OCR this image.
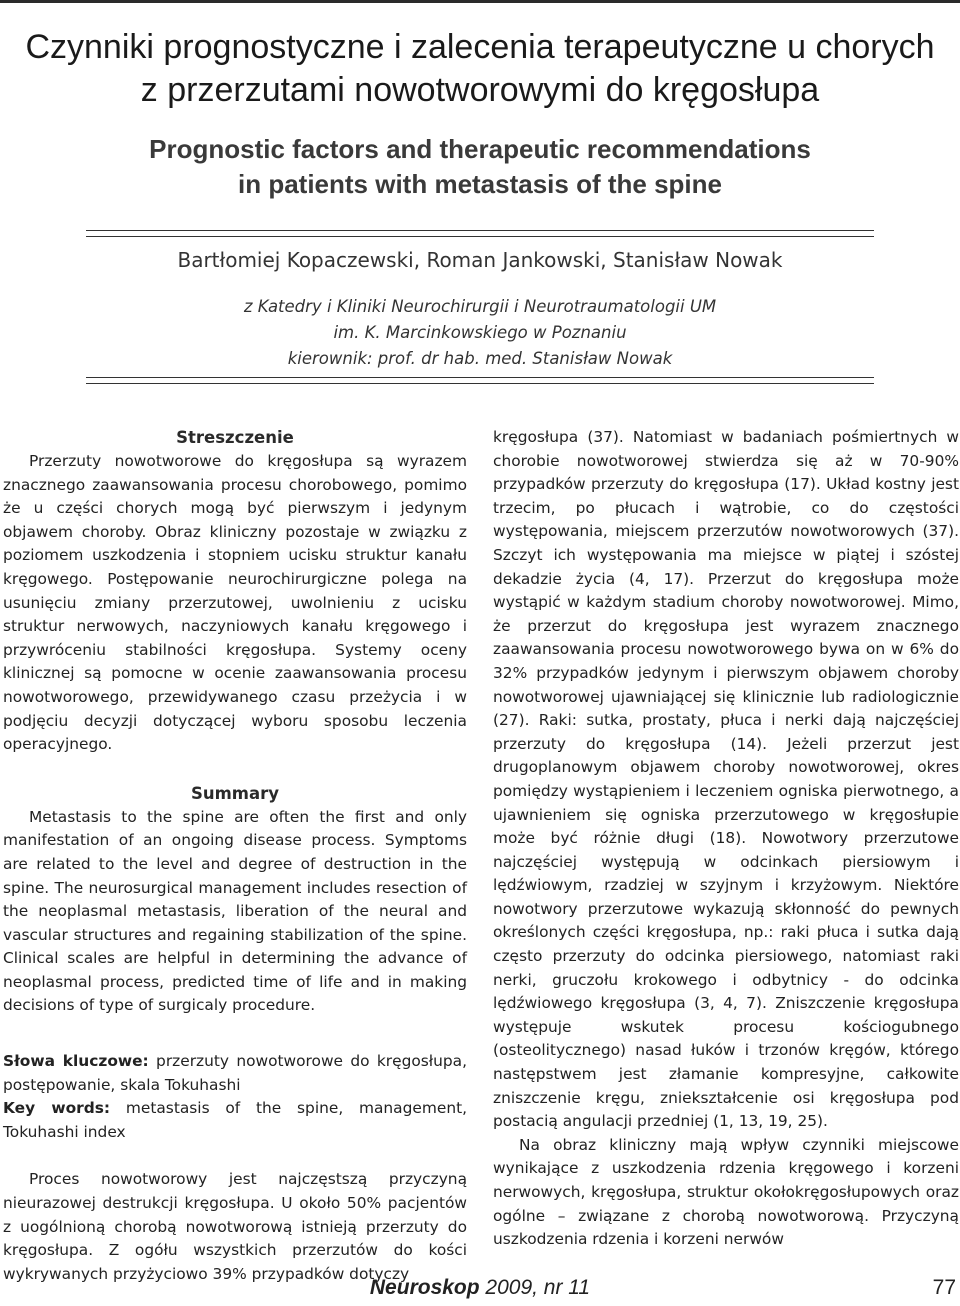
Czynniki prognostyczne i zalecenia terapeutyczne u chorych
z przerzutami nowotworowymi do kręgosłupa
Prognostic factors and therapeutic recommendations
in patients with metastasis of the spine
Bartłomiej Kopaczewski, Roman Jankowski, Stanisław Nowak
z Katedry i Kliniki Neurochirurgii i Neurotraumatologii UM
im. K. Marcinkowskiego w Poznaniu
kierownik: prof. dr hab. med. Stanisław Nowak
Streszczenie

Przerzuty nowotworowe do kręgosłupa są wyrazem znacznego zaawansowania procesu chorobowego, pomimo że u części chorych mogą być pierwszym i jedynym objawem choroby. Obraz kliniczny pozostaje w związku z poziomem uszkodzenia i stopniem ucisku struktur kanału kręgowego. Postępowanie neurochirurgiczne polega na usunięciu zmiany przerzutowej, uwolnieniu z ucisku struktur nerwowych, naczyniowych kanału kręgowego i przywróceniu stabilności kręgosłupa. Systemy oceny klinicznej są pomocne w ocenie zaawansowania procesu nowotworowego, przewidywanego czasu przeżycia i w podjęciu decyzji dotyczącej wyboru sposobu leczenia operacyjnego.

Summary

Metastasis to the spine are often the first and only manifestation of an ongoing disease process. Symptoms are related to the level and degree of destruction in the spine. The neurosurgical management includes resection of the neoplasmal metastasis, liberation of the neural and vascular structures and regaining stabilization of the spine. Clinical scales are helpful in determining the advance of neoplasmal process, predicted time of life and in making decisions of type of surgicaly procedure.

Słowa kluczowe: przerzuty nowotworowe do kręgosłupa, postępowanie, skala Tokuhashi

Key words: metastasis of the spine, management, Tokuhashi index

Proces nowotworowy jest najczęstszą przyczyną nieurazowej destrukcji kręgosłupa. U około 50% pacjentów z uogólnioną chorobą nowotworową istnieją przerzuty do kręgosłupa. Z ogółu wszystkich przerzutów do kości wykrywanych przyżyciowo 39% przypadków dotyczy

kręgosłupa (37). Natomiast w badaniach pośmiertnych w chorobie nowotworowej stwierdza się aż w 70-90% przypadków przerzuty do kręgosłupa (17). Układ kostny jest trzecim, po płucach i wątrobie, co do częstości występowania, miejscem przerzutów nowotworowych (37). Szczyt ich występowania ma miejsce w piątej i szóstej dekadzie życia (4, 17). Przerzut do kręgosłupa może wystąpić w każdym stadium choroby nowotworowej. Mimo, że przerzut do kręgosłupa jest wyrazem znacznego zaawansowania procesu nowotworowego bywa on w 6% do 32% przypadków jedynym i pierwszym objawem choroby nowotworowej ujawniającej się klinicznie lub radiologicznie (27). Raki: sutka, prostaty, płuca i nerki dają najczęściej przerzuty do kręgosłupa (14). Jeżeli przerzut jest drugoplanowym objawem choroby nowotworowej, okres pomiędzy wystąpieniem i leczeniem ogniska pierwotnego, a ujawnieniem się ogniska przerzutowego w kręgosłupie może być różnie długi (18). Nowotwory przerzutowe najczęściej występują w odcinkach piersiowym i lędźwiowym, rzadziej w szyjnym i krzyżowym. Niektóre nowotwory przerzutowe wykazują skłonność do pewnych określonych części kręgosłupa, np.: raki płuca i sutka dają często przerzuty do odcinka piersiowego, natomiast raki nerki, gruczołu krokowego i odbytnicy - do odcinka lędźwiowego kręgosłupa (3, 4, 7). Zniszczenie kręgosłupa występuje wskutek procesu kościogubnego (osteolitycznego) nasad łuków i trzonów kręgów, którego następstwem jest złamanie kompresyjne, całkowite zniszczenie kręgu, zniekształcenie osi kręgosłupa pod postacią angulacji przedniej (1, 13, 19, 25).

Na obraz kliniczny mają wpływ czynniki miejscowe wynikające z uszkodzenia rdzenia kręgowego i korzeni nerwowych, kręgosłupa, struktur okołokręgosłupowych oraz ogólne – związane z chorobą nowotworową. Przyczyną uszkodzenia rdzenia i korzeni nerwów

Neuroskop 2009, nr 11	77
